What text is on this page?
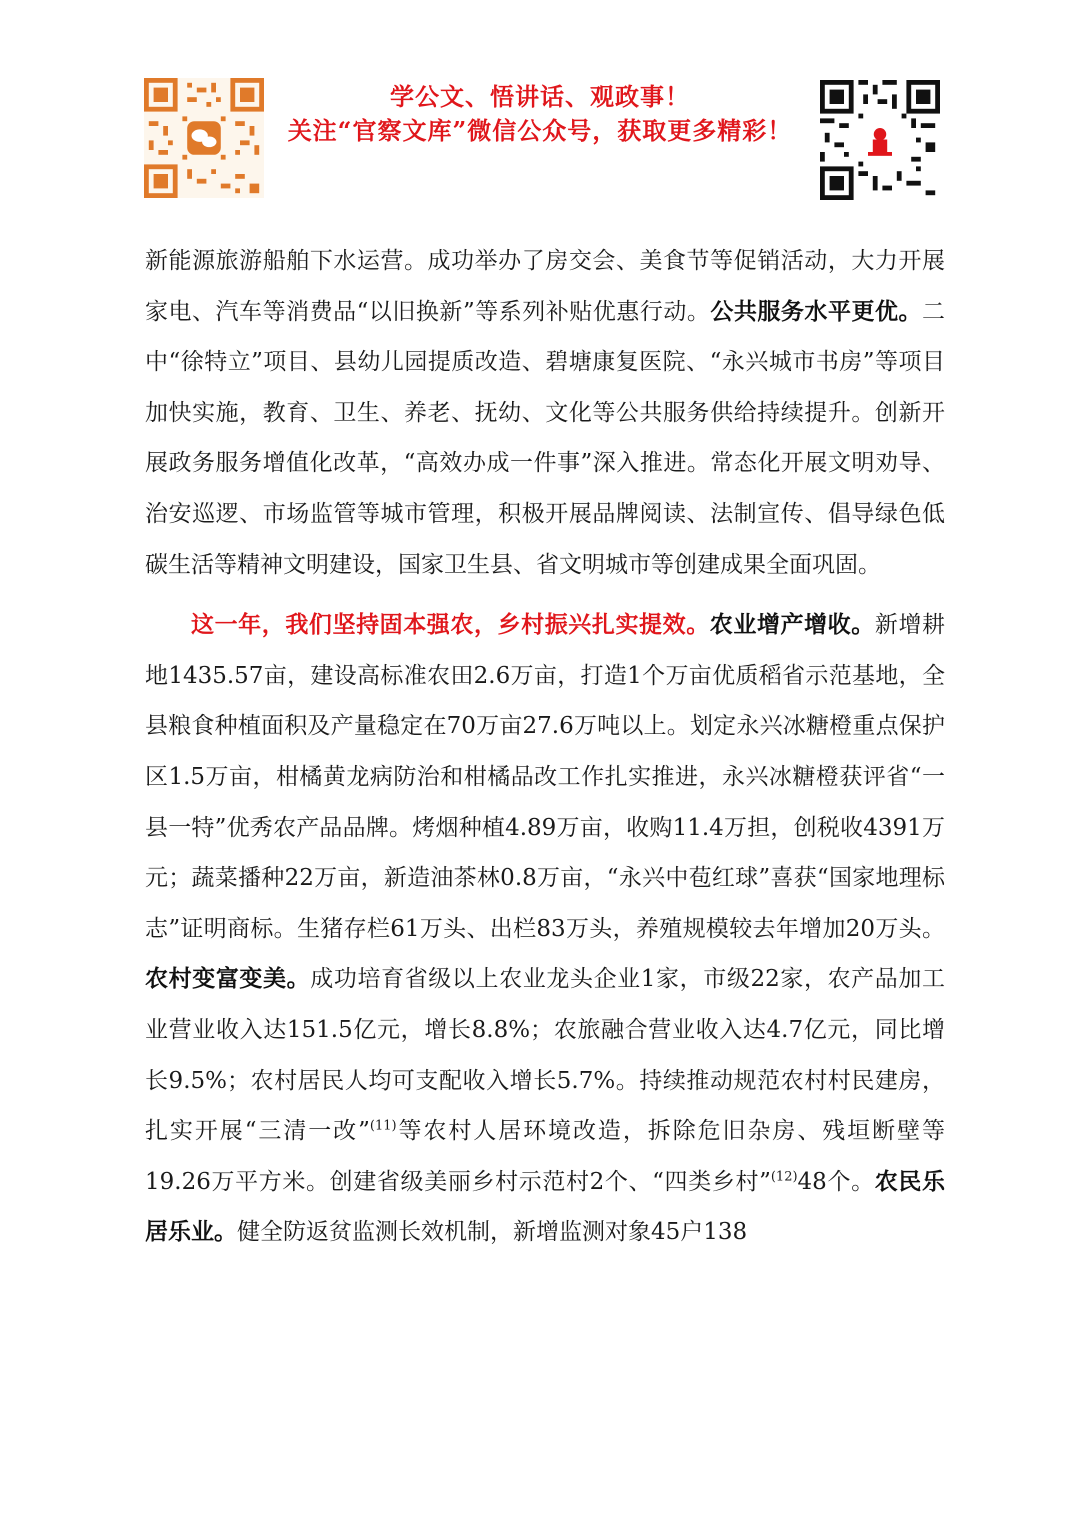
学公文、悟讲话、观政事！
关注“官察文库”微信公众号，获取更多精彩！

新能源旅游船舶下水运营。成功举办了房交会、美食节等促销活动，大力开展家电、汽车等消费品“以旧换新”等系列补贴优惠行动。公共服务水平更优。二中“徐特立”项目、县幼儿园提质改造、碧塘康复医院、“永兴城市书房”等项目加快实施，教育、卫生、养老、抚幼、文化等公共服务供给持续提升。创新开展政务服务增值化改革，“高效办成一件事”深入推进。常态化开展文明劝导、治安巡逻、市场监管等城市管理，积极开展品牌阅读、法制宣传、倡导绿色低碳生活等精神文明建设，国家卫生县、省文明城市等创建成果全面巩固。

这一年，我们坚持固本强农，乡村振兴扎实提效。农业增产增收。新增耕地1435.57亩，建设高标准农田2.6万亩，打造1个万亩优质稻省示范基地，全县粮食种植面积及产量稳定在70万亩27.6万吨以上。划定永兴冰糖橙重点保护区1.5万亩，柑橘黄龙病防治和柑橘品改工作扎实推进，永兴冰糖橙获评省“一县一特”优秀农产品品牌。烤烟种植4.89万亩，收购11.4万担，创税收4391万元；蔬菜播种22万亩，新造油茶林0.8万亩，“永兴中苞红球”喜获“国家地理标志”证明商标。生猪存栏61万头、出栏83万头，养殖规模较去年增加20万头。农村变富变美。成功培育省级以上农业龙头企业1家，市级22家，农产品加工业营业收入达151.5亿元，增长8.8%；农旅融合营业收入达4.7亿元，同比增长9.5%；农村居民人均可支配收入增长5.7%。持续推动规范农村村民建房，扎实开展“三清一改”$^{(11)}$等农村人居环境改造，拆除危旧杂房、残垣断壁等19.26万平方米。创建省级美丽乡村示范村2个、“四类乡村”$^{(12)}$48个。农民乐居乐业。健全防返贫监测长效机制，新增监测对象45户138
